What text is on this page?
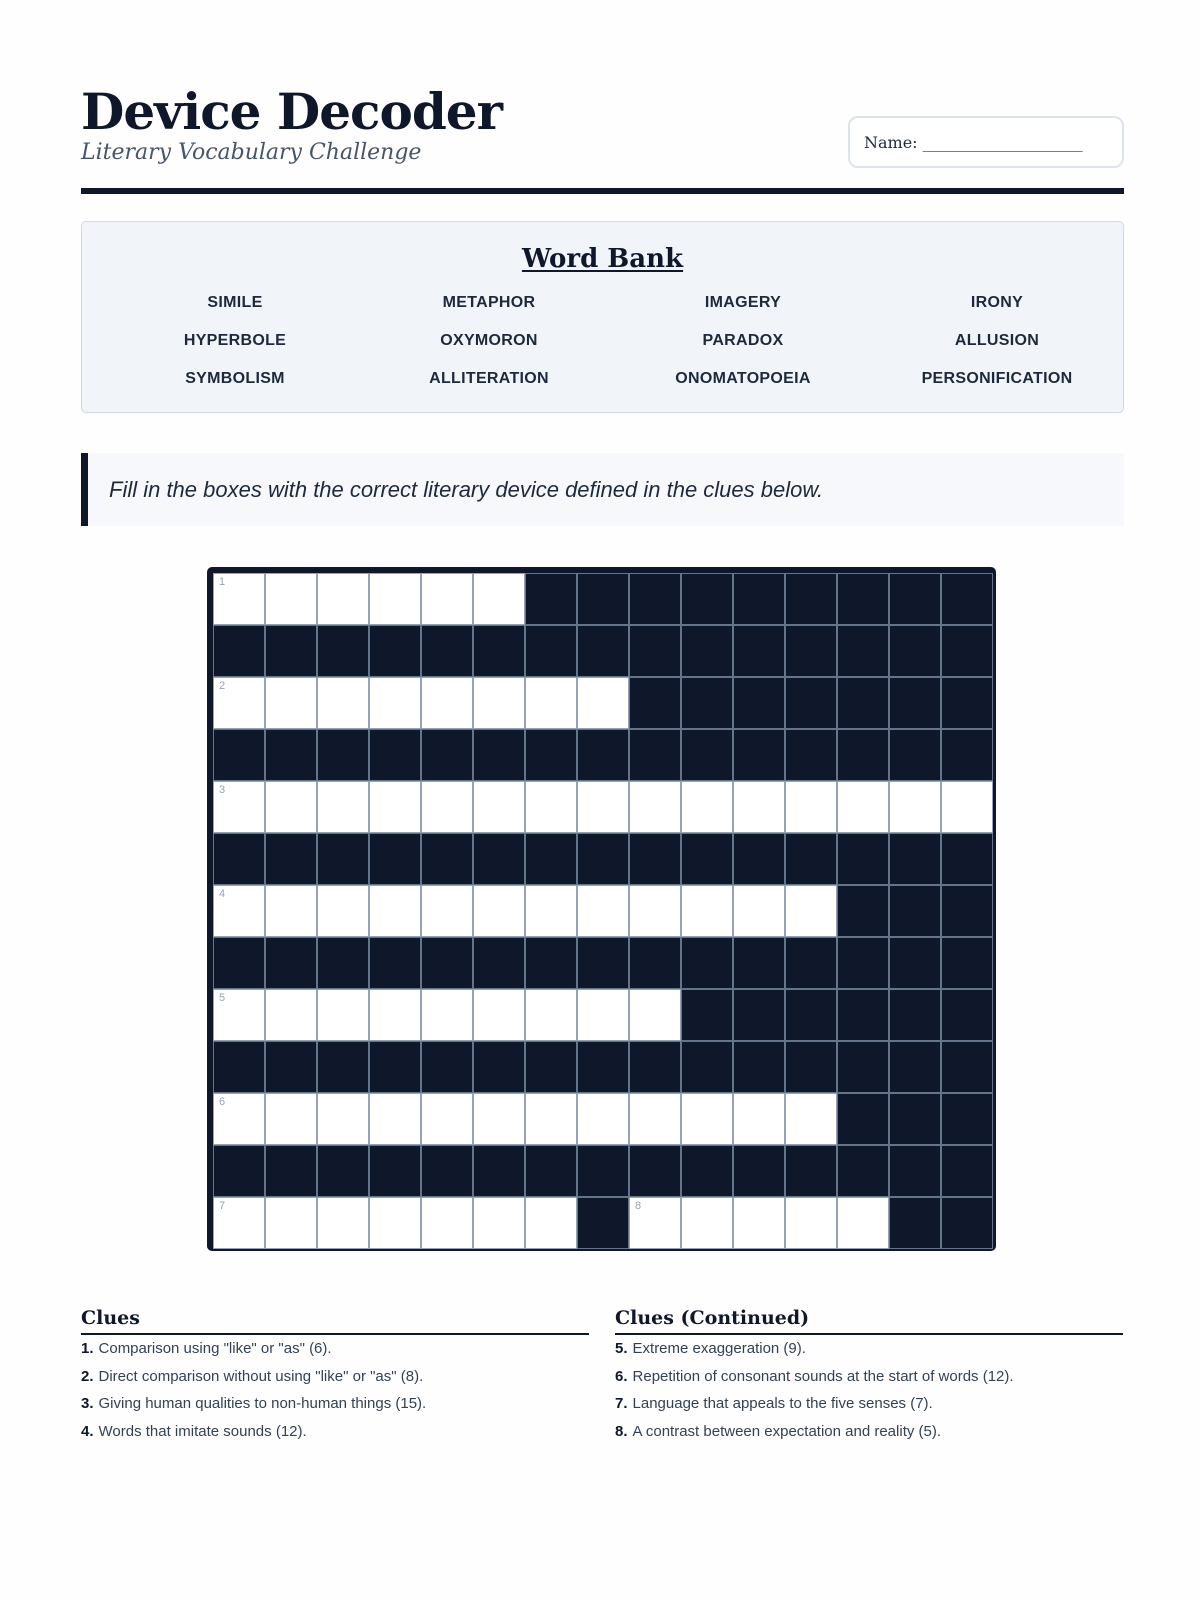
Device Decoder
Literary Vocabulary Challenge	Name: ____________________
Word Bank
SIMILE	METAPHOR	IMAGERY	IRONY
HYPERBOLE	OXYMORON	PARADOX	ALLUSION
SYMBOLISM	ALLITERATION	ONOMATOPOEIA	PERSONIFICATION
Fill in the boxes with the correct literary device defined in the clues below.
1
2
3
4
5
6
7	8
Clues
1. Comparison using "like" or "as" (6).
2. Direct comparison without using "like" or "as" (8).
3. Giving human qualities to non-human things (15).
4. Words that imitate sounds (12).
Clues (Continued)
5. Extreme exaggeration (9).
6. Repetition of consonant sounds at the start of words (12).
7. Language that appeals to the five senses (7).
8. A contrast between expectation and reality (5).
